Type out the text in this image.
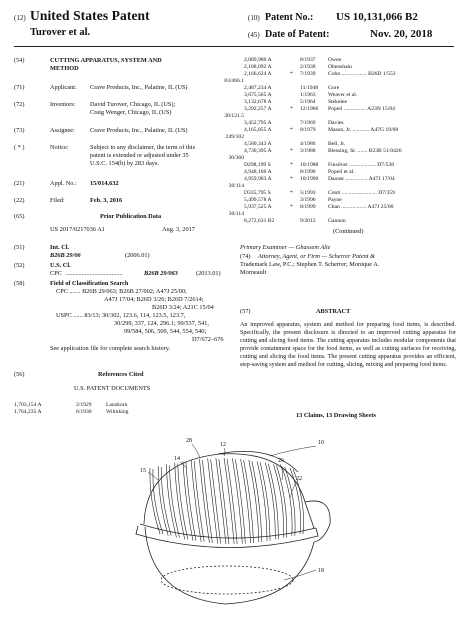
(12) United States Patent
Turover et al.
(10) Patent No.: US 10,131,066 B2
(45) Date of Patent:	Nov. 20, 2018
(54)	CUTTING APPARATUS, SYSTEM AND
METHOD
(71)	Applicant: Crave Products, Inc., Palatine, IL (US)
(72)	Inventors: David Turover, Chicago, IL (US);
Craig Wenger, Chicago, IL (US)
(73)	Assignee: Crave Products, Inc., Palatine, IL (US)
( * )	Notice:	Subject to any disclaimer, the term of this
patent is extended or adjusted under 35
U.S.C. 154(b) by 283 days.
(21)	Appl. No.: 15/014,632
(22)	Filed:	Feb. 3, 2016
(65)	Prior Publication Data
US 2017/0217036 A1	Aug. 3, 2017
(51)	Int. Cl.
B26B 29/06	(2006.01)
(52)	U.S. Cl.
CPC ....................................	B26B 29/063	(2013.01)
(58)	Field of Classification Search
CPC ....... B26B 29/063; B26B 27/002; A47J 25/00;
A47J 17/04; B26D 3/26; B26D 7/2614;
B26D 3/24; A21C 15/04
USPC ...... 83/13; 30/302, 123.6, 114, 123.5, 123.7,
30/299, 337, 124, 296.1; 99/537, 541,
99/584, 506, 509, 544, 554, 540;
D7/672–676
See application file for complete search history.
(56)	References Cited
U.S. PATENT DOCUMENTS
1,703,154 A	2/1929	Lanzkorn
1,764,235 A	6/1930	Wilmking
2,089,980 A	8/1937 Owen
2,108,092 A	2/1938 Obenshain
2,166,624 A	* 7/1939 Cohn .................. B26D 1/553
83/466.1
2,487,234 A	11/1948 Gore
3,075,565 A	1/1963 Weaver et al.
3,132,678 A	5/1964 Stekelee
3,292,257 A	* 12/1966 Popeil ................ A23N 15/04
30/121.5
3,452,795 A	7/1969 Davies
4,165,855 A	* 8/1979 Mason, Jr. ............ A47G 19/00
249/102
4,580,343 A	4/1986 Bell, Jr.
4,730,395 A	* 3/1988 Blessing, Sr. ....... B23B 51/0426
30/360
D298,199 S	* 10/1988 Finsilver ................... D7/538
4,948,106 A	8/1990 Popeil et al.
4,959,903 A	* 10/1990 Daoust ................ A47J 17/04
30/114
D335,795 S	* 5/1993 Conti ......................... D7/359
5,499,578 A	3/1996 Payne
5,937,525 A	* 8/1999 Chan .................. A47J 25/00
30/114
8,272,631 B2	9/2012 Gannon
(Continued)
Primary Examiner — Ghassem Alie
(74) Attorney, Agent, or Firm — Scherrer Patent &
Trademark Law, P.C.; Stephen T. Scherrer; Monique A.
Morneault
(57)	ABSTRACT
An improved apparatus, system and method for preparing food items, is described. Specifically, the present disclosure is directed to an improved cutting apparatus for cutting and slicing food items. The cutting apparatus includes modular components that provide containment space for the food items, as well as cutting surfaces for receiving, cutting and slicing the food items. The present cutting apparatus provides an efficient, step-saving system and method for cutting, slicing, mixing and preparing food items.
13 Claims, 13 Drawing Sheets
28
12	10
14
15
26
22
18
